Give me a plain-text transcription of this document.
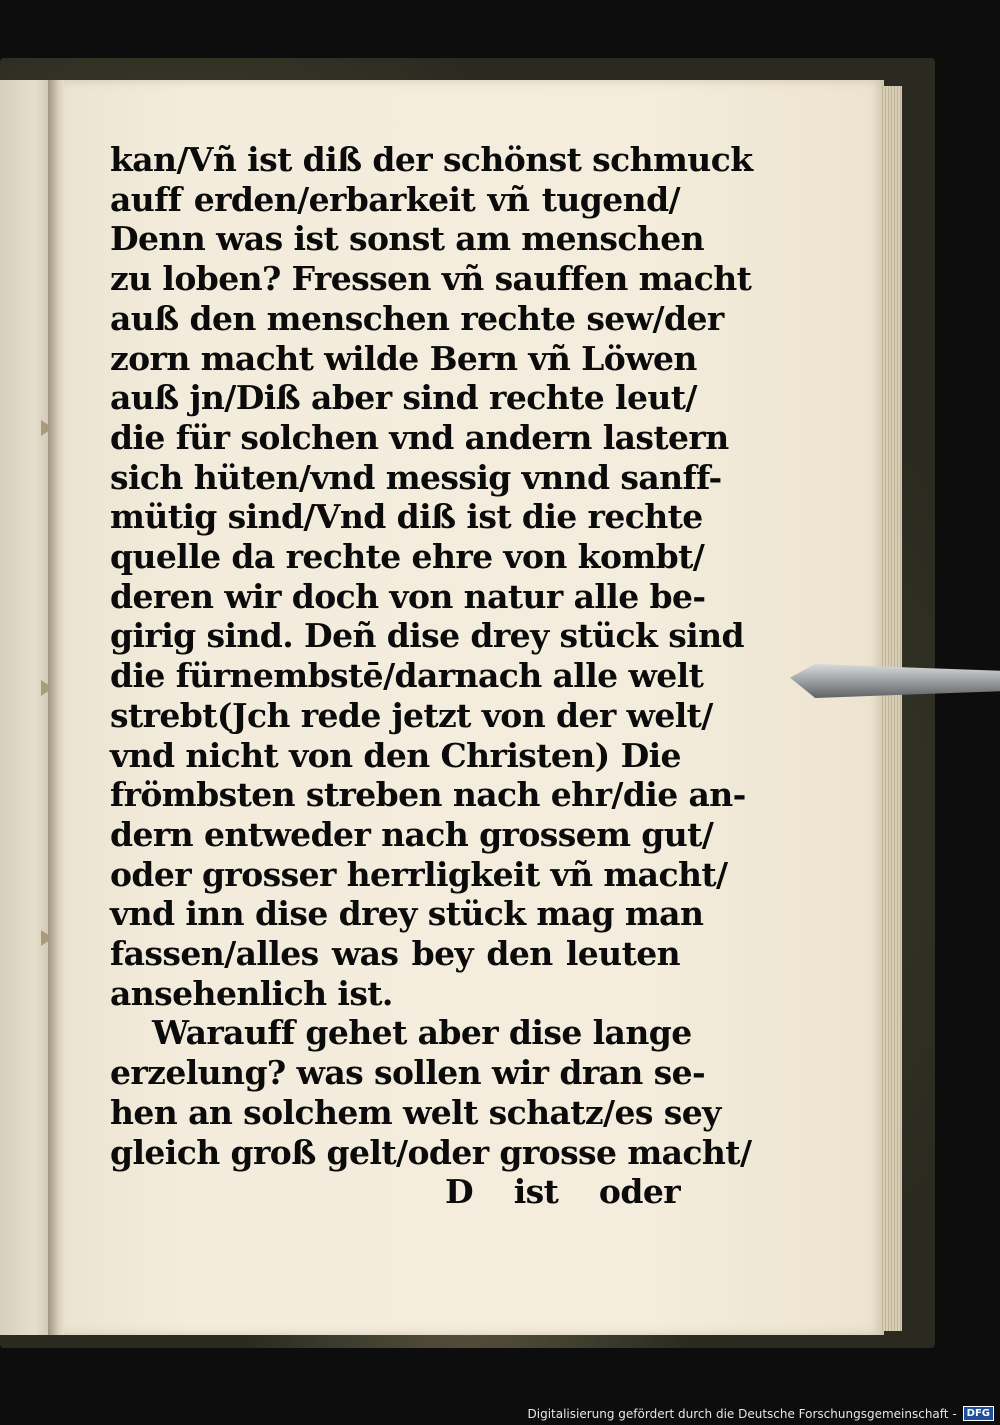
kan/Vñ ist diß der schönst schmuck
auff erden/erbarkeit vñ tugend/
Denn was ist sonst am menschen
zu loben? Fressen vñ sauffen macht
auß den menschen rechte sew/der
zorn macht wilde Bern vñ Löwen
auß jn/Diß aber sind rechte leut/
die für solchen vnd andern lastern
sich hüten/vnd messig vnnd sanff-
mütig sind/Vnd diß ist die rechte
quelle da rechte ehre von kombt/
deren wir doch von natur alle be-
girig sind. Deñ dise drey stück sind
die fürnembstē/darnach alle welt
strebt(Jch rede jetzt von der welt/
vnd nicht von den Christen) Die
frömbsten streben nach ehr/die an-
dern entweder nach grossem gut/
oder grosser herrligkeit vñ macht/
vnd inn dise drey stück mag man
fassen/alles was bey den leuten
ansehenlich ist.
Warauff gehet aber dise lange
erzelung? was sollen wir dran se-
hen an solchem welt schatz/es sey
gleich groß gelt/oder grosse macht/
D ist oder
Digitalisierung gefördert durch die Deutsche Forschungsgemeinschaft -	DFG
